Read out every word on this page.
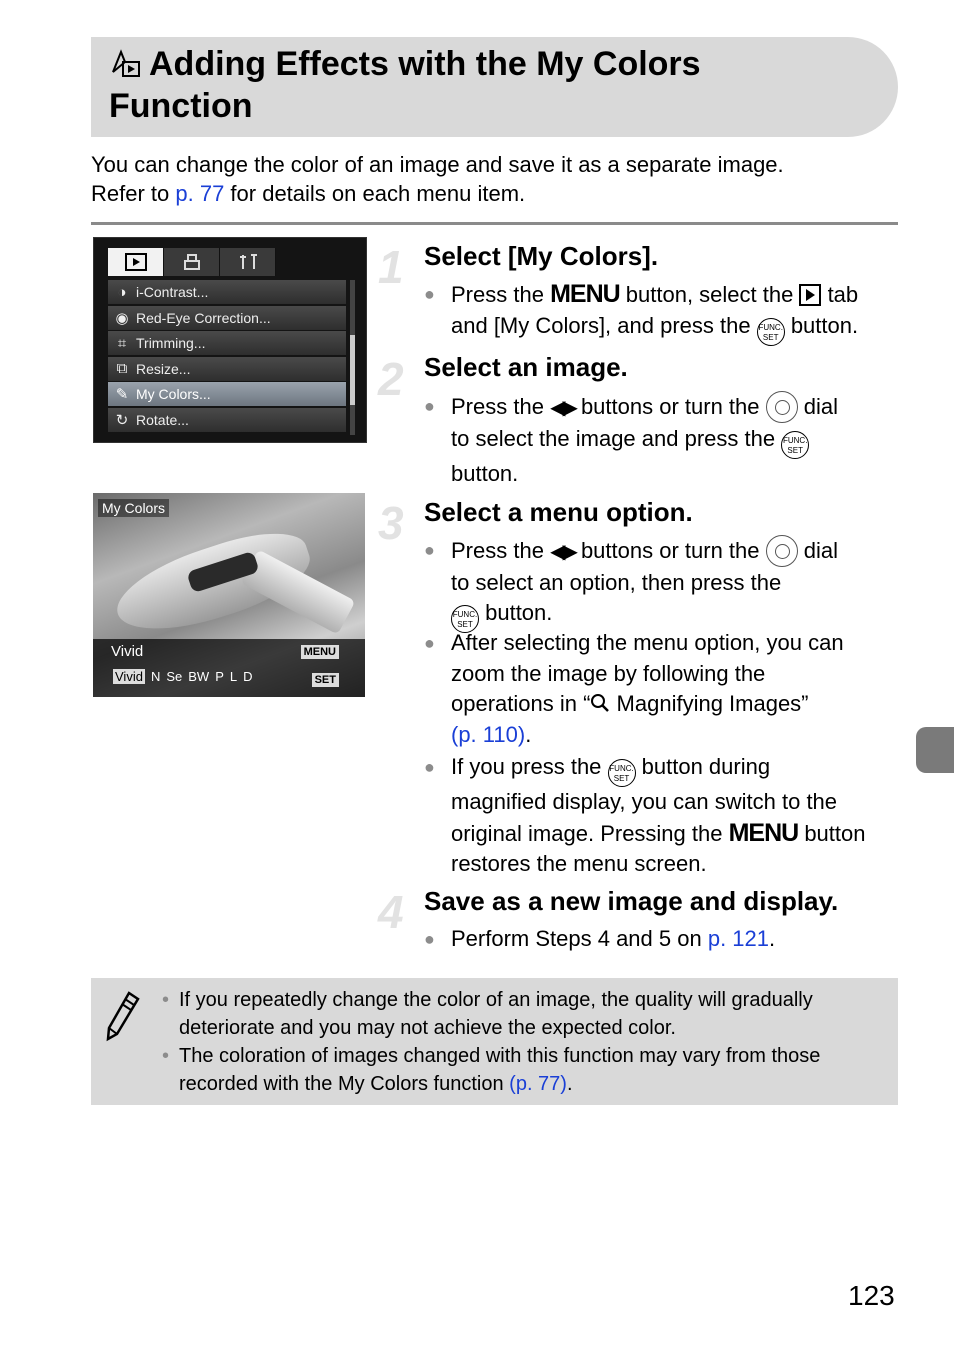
Adding Effects with the My Colors
Function
You can change the color of an image and save it as a separate image.
Refer to p. 77 for details on each menu item.
◑ i-Contrast...
◉ Red-Eye Correction...
⌗ Trimming...
⧉ Resize...
✎ My Colors...
↻ Rotate...
My Colors
Vivid	MENU
Vivid N Se BW P L D	SET
1 Select [My Colors].
● Press the MENU button, select the  tab
and [My Colors], and press the FUNC. SET button.
2 Select an image.
● Press the ◀▶ buttons or turn the  dial
to select the image and press the FUNC. SET
button.
3 Select a menu option.
● Press the ◀▶ buttons or turn the  dial
to select an option, then press the
FUNC. SET button.
● After selecting the menu option, you can
zoom the image by following the
operations in “ Magnifying Images”
(p. 110).
● If you press the FUNC. SET button during
magnified display, you can switch to the
original image. Pressing the MENU button
restores the menu screen.
4 Save as a new image and display.
● Perform Steps 4 and 5 on p. 121.
• If you repeatedly change the color of an image, the quality will gradually
deteriorate and you may not achieve the expected color.
• The coloration of images changed with this function may vary from those
recorded with the My Colors function (p. 77).
123
